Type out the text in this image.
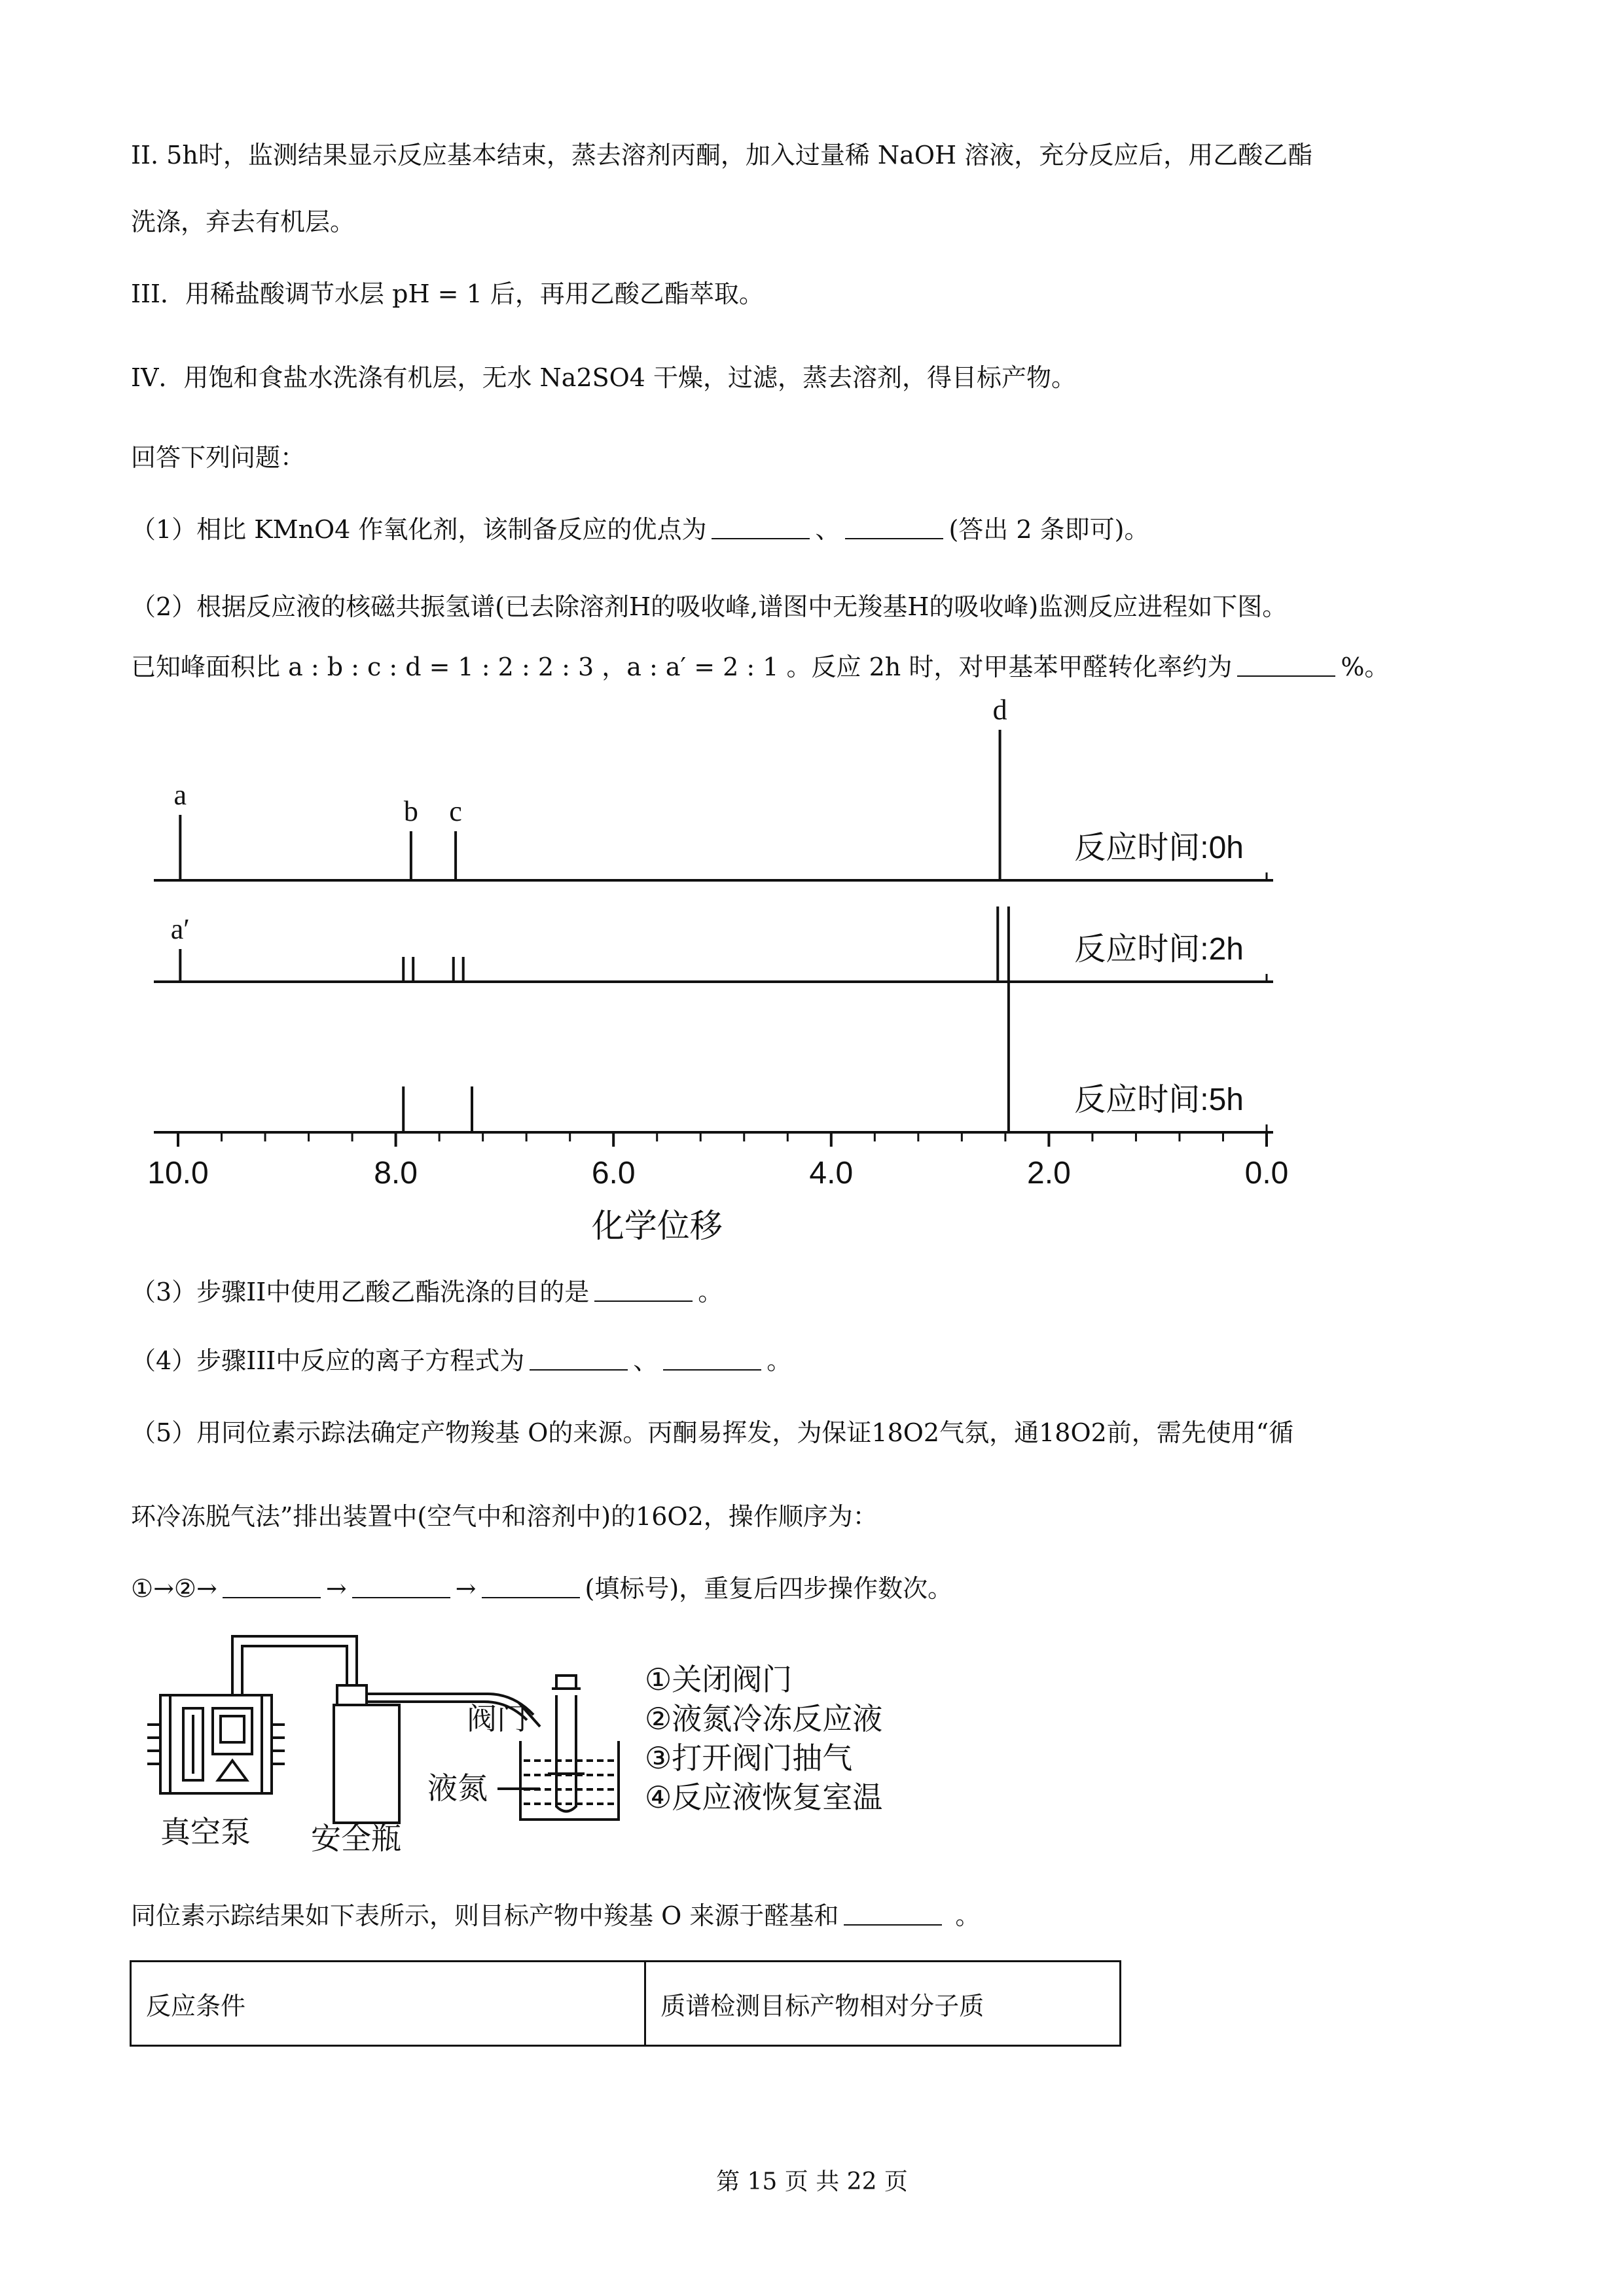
II. 5h时，监测结果显示反应基本结束，蒸去溶剂丙酮，加入过量稀 NaOH 溶液，充分反应后，用乙酸乙酯
洗涤，弃去有机层。
III．用稀盐酸调节水层 pH = 1 后，再用乙酸乙酯萃取。
IV．用饱和食盐水洗涤有机层，无水 Na2SO4 干燥，过滤，蒸去溶剂，得目标产物。
回答下列问题：
（1）相比 KMnO4 作氧化剂，该制备反应的优点为	、	(答出 2 条即可)。
（2）根据反应液的核磁共振氢谱(已去除溶剂H的吸收峰,谱图中无羧基H的吸收峰)监测反应进程如下图。
已知峰面积比 a : b : c : d = 1 : 2 : 2 : 3 ，a : a′ = 2 : 1 。反应 2h 时，对甲基苯甲醛转化率约为	%。
a
b c
d
反应时间:0h
a′
反应时间:2h
反应时间:5h
10.0	8.0	6.0	4.0	2.0	0.0
化学位移
（3）步骤II中使用乙酸乙酯洗涤的目的是	。
（4）步骤III中反应的离子方程式为	、	。
（5）用同位素示踪法确定产物羧基 O的来源。丙酮易挥发，为保证18O2气氛，通18O2前，需先使用“循
环冷冻脱气法”排出装置中(空气中和溶剂中)的16O2，操作顺序为：
①→②→	→	→	(填标号)，重复后四步操作数次。
真空泵 安全瓶
阀门
液氮
①关闭阀门
②液氮冷冻反应液
③打开阀门抽气
④反应液恢复室温
同位素示踪结果如下表所示，则目标产物中羧基 O 来源于醛基和	。
反应条件	质谱检测目标产物相对分子质
第 15 页 共 22 页
